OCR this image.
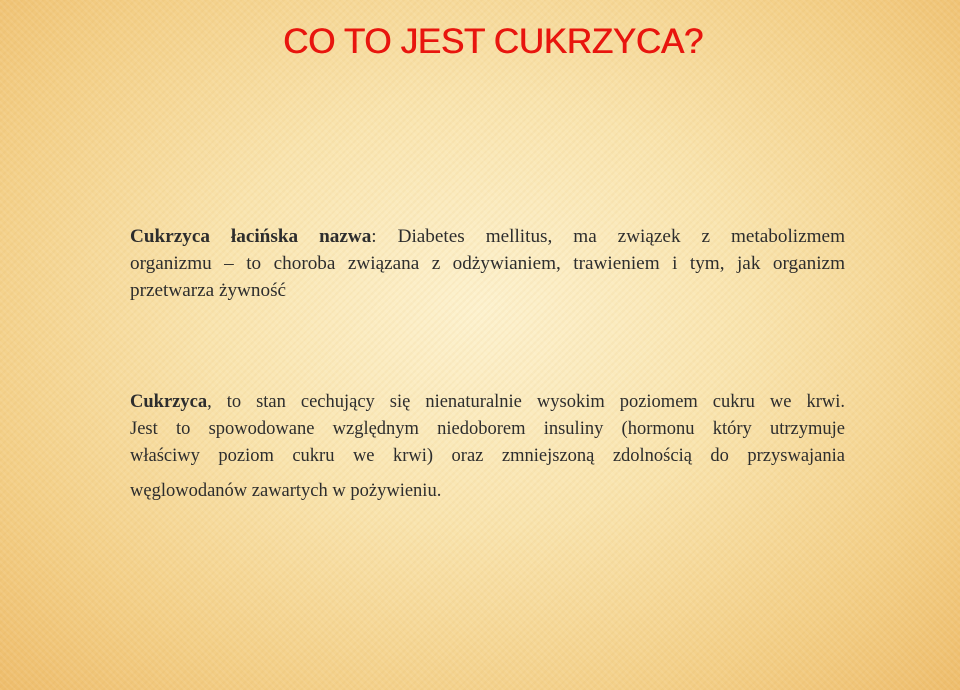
CO TO JEST CUKRZYCA?
Cukrzyca łacińska nazwa: Diabetes mellitus, ma związek z metabolizmem
organizmu – to choroba związana z odżywianiem, trawieniem i tym, jak organizm
przetwarza żywność
Cukrzyca, to stan cechujący się nienaturalnie wysokim poziomem cukru we krwi.
Jest to spowodowane względnym niedoborem insuliny (hormonu który utrzymuje
właściwy poziom cukru we krwi) oraz zmniejszoną zdolnością do przyswajania

węglowodanów zawartych w pożywieniu.
